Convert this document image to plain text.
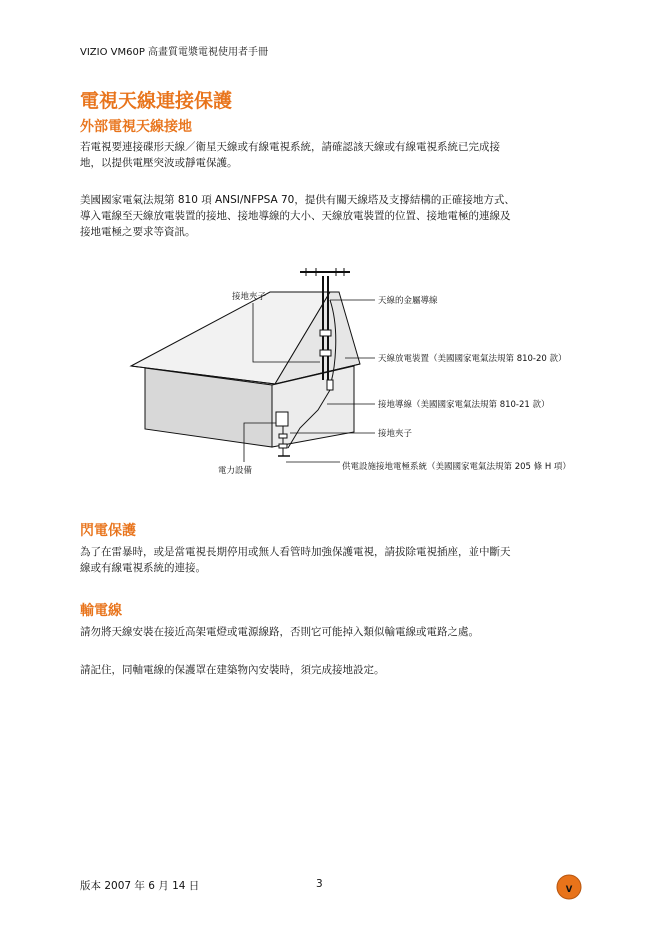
VIZIO VM60P 高畫質電漿電視使用者手冊
電視天線連接保護
外部電視天線接地

若電視要連接碟形天線／衛星天線或有線電視系統，請確認該天線或有線電視系統已完成接

地，以提供電壓突波或靜電保護。

美國國家電氣法規第 810 項 ANSI/NFPSA 70，提供有關天線塔及支撐結構的正確接地方式、

導入電線至天線放電裝置的接地、接地導線的大小、天線放電裝置的位置、接地電極的連線及

接地電極之要求等資訊。

接地夾子	天線的金屬導線
天線放電裝置（美國國家電氣法規第 810-20 款）
接地導線（美國國家電氣法規第 810-21 款）
接地夾子
電力設備	供電設施接地電極系統（美國國家電氣法規第 205 條 H 項）
閃電保護

為了在雷暴時，或是當電視長期停用或無人看管時加強保護電視，請拔除電視插座，並中斷天

線或有線電視系統的連接。

輸電線

請勿將天線安裝在接近高架電燈或電源線路，否則它可能掉入類似輸電線或電路之處。

請記住，同軸電線的保護罩在建築物內安裝時，須完成接地設定。

版本 2007 年 6 月 14 日	3	V
